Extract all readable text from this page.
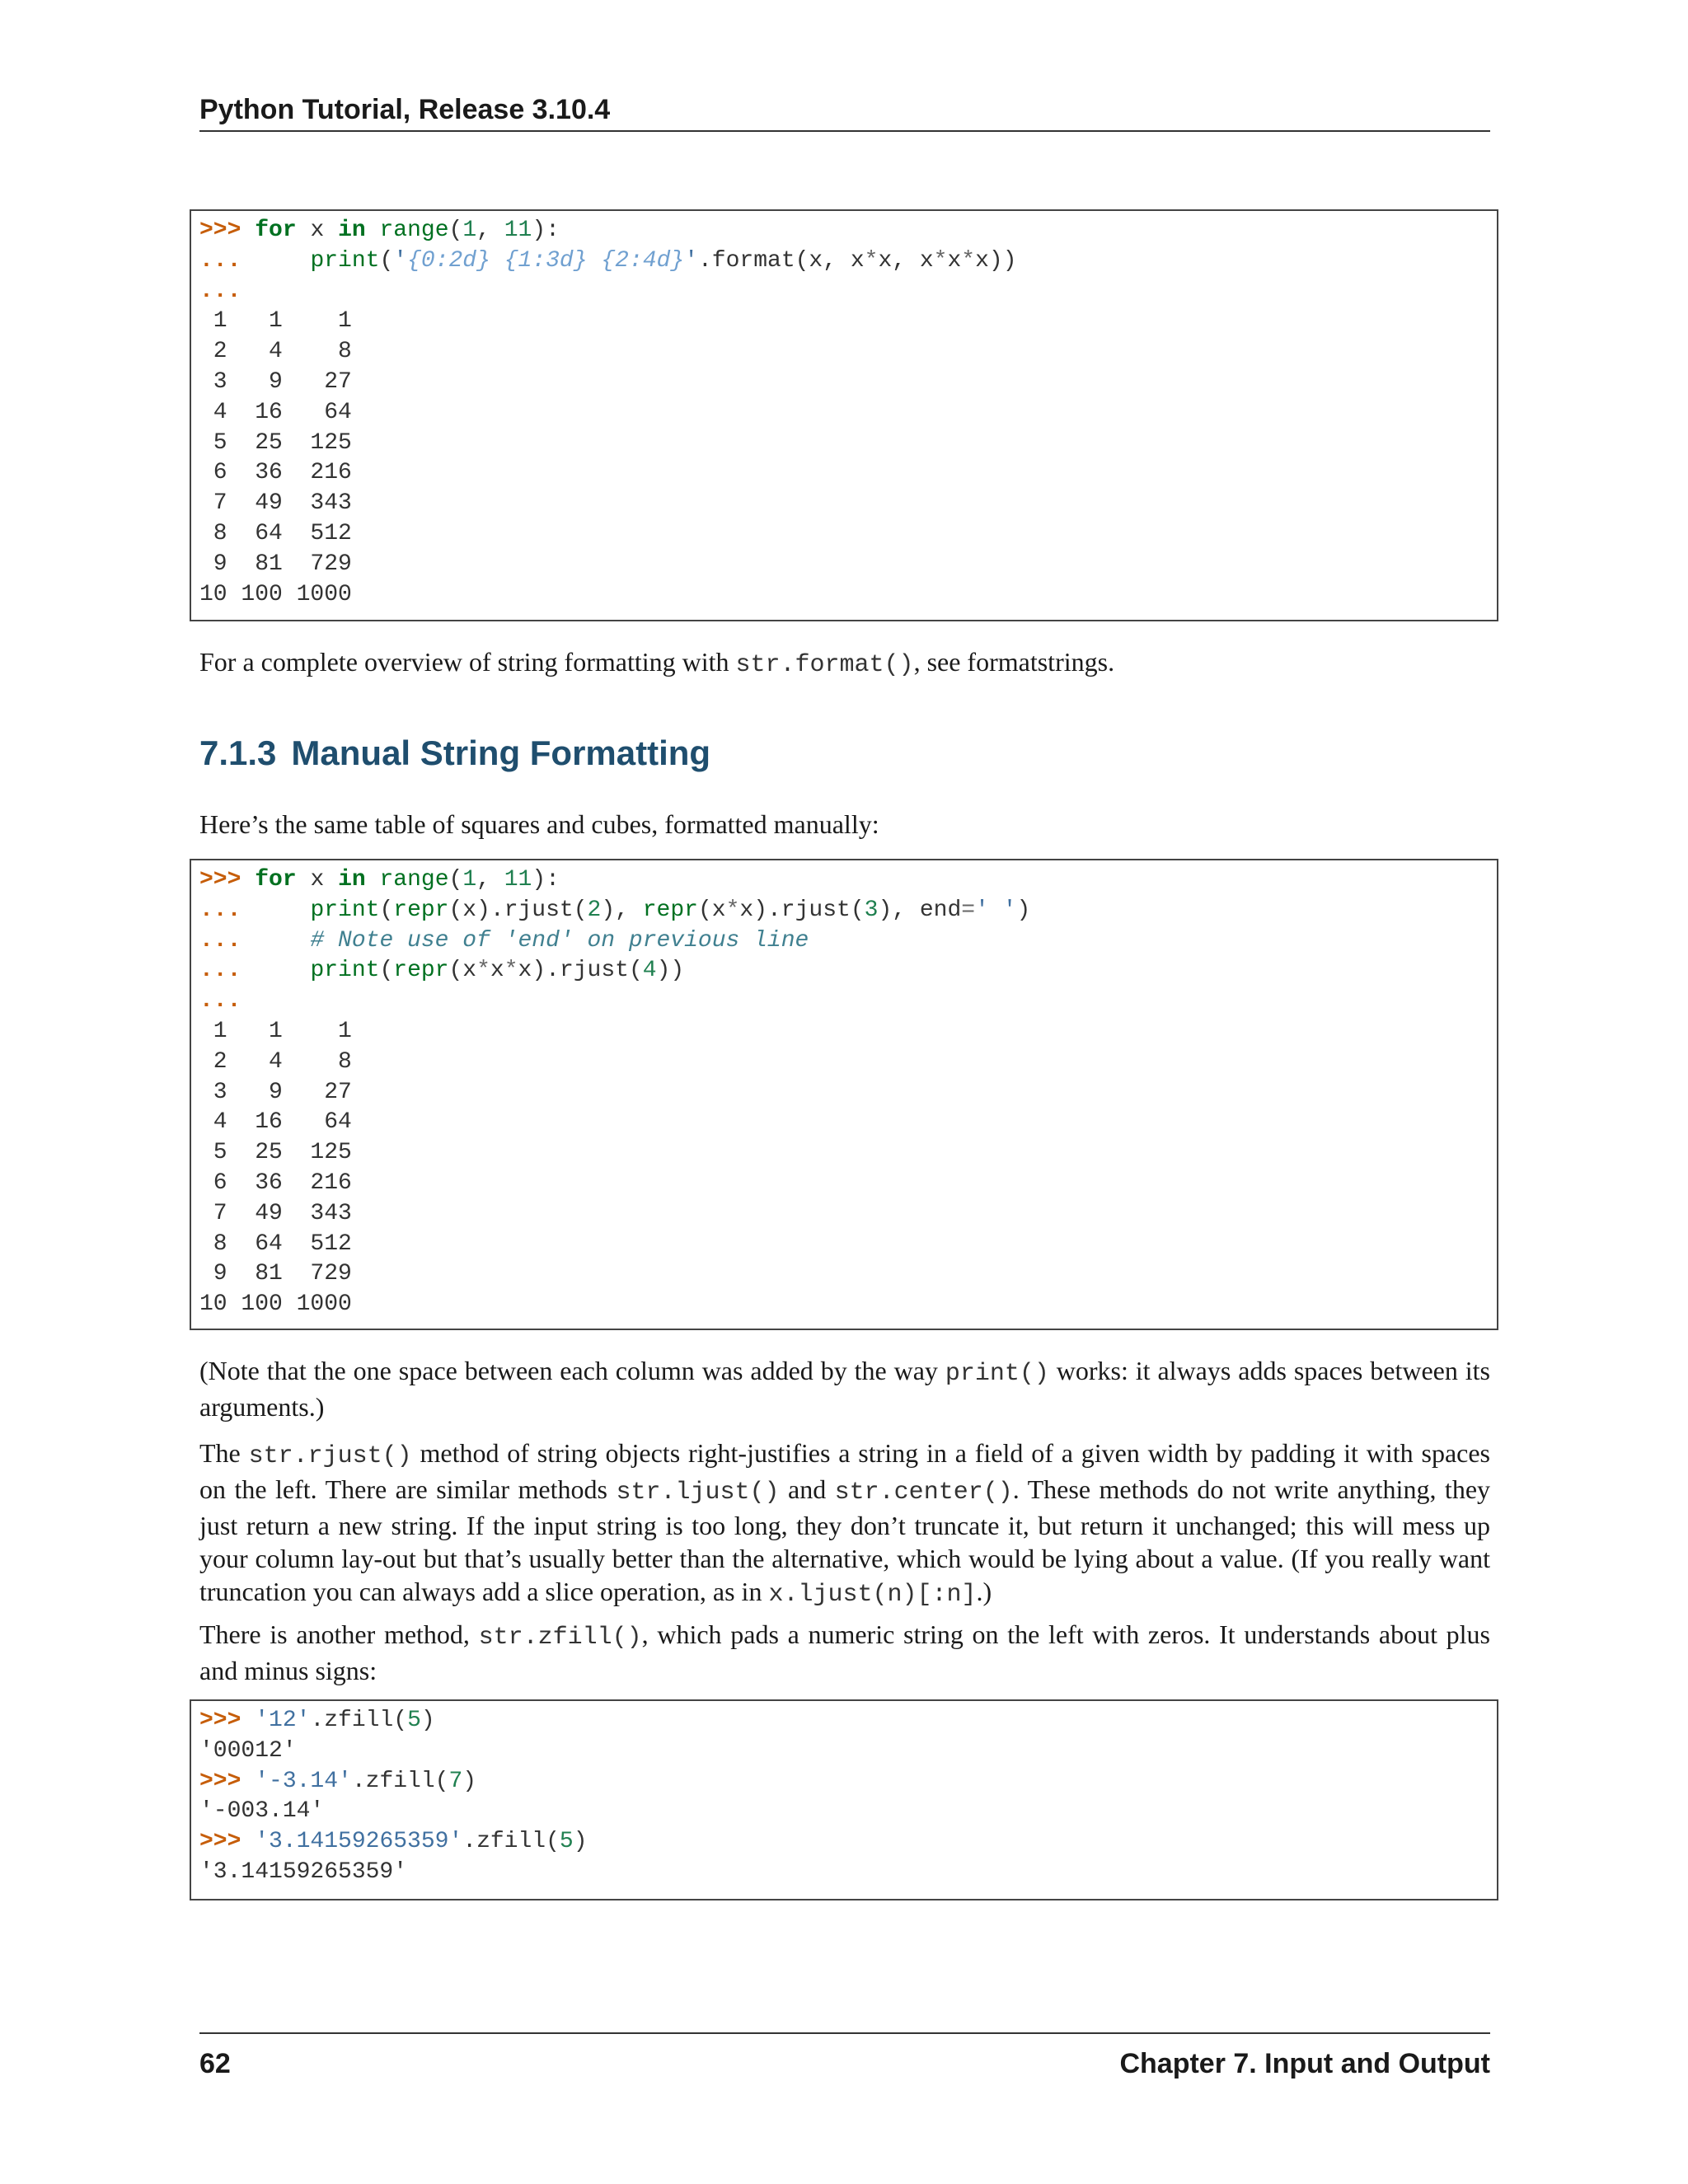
Python Tutorial, Release 3.10.4
>>> for x in range(1, 11):
...	print('{0:2d} {1:3d} {2:4d}'.format(x, x*x, x*x*x))
...
1   1    1
2   4    8
3   9   27
4  16   64
5  25  125
6  36  216
7  49  343
8  64  512
9  81  729
10 100 1000
For a complete overview of string formatting with str.format(), see formatstrings.
7.1.3 Manual String Formatting
Here’s the same table of squares and cubes, formatted manually:
>>> for x in range(1, 11):
...	print(repr(x).rjust(2), repr(x*x).rjust(3), end=' ')
...	# Note use of 'end' on previous line
...	print(repr(x*x*x).rjust(4))
...
1   1    1
2   4    8
3   9   27
4  16   64
5  25  125
6  36  216
7  49  343
8  64  512
9  81  729
10 100 1000
(Note that the one space between each column was added by the way print() works: it always adds spaces between its arguments.)
The str.rjust() method of string objects right-justifies a string in a field of a given width by padding it with spaces on the left. There are similar methods str.ljust() and str.center(). These methods do not write anything, they just return a new string. If the input string is too long, they don’t truncate it, but return it unchanged; this will mess up your column lay-out but that’s usually better than the alternative, which would be lying about a value. (If you really want truncation you can always add a slice operation, as in x.ljust(n)[:n].)
There is another method, str.zfill(), which pads a numeric string on the left with zeros. It understands about plus and minus signs:
>>> '12'.zfill(5)
'00012'
>>> '-3.14'.zfill(7)
'-003.14'
>>> '3.14159265359'.zfill(5)
'3.14159265359'
62	Chapter 7. Input and Output
